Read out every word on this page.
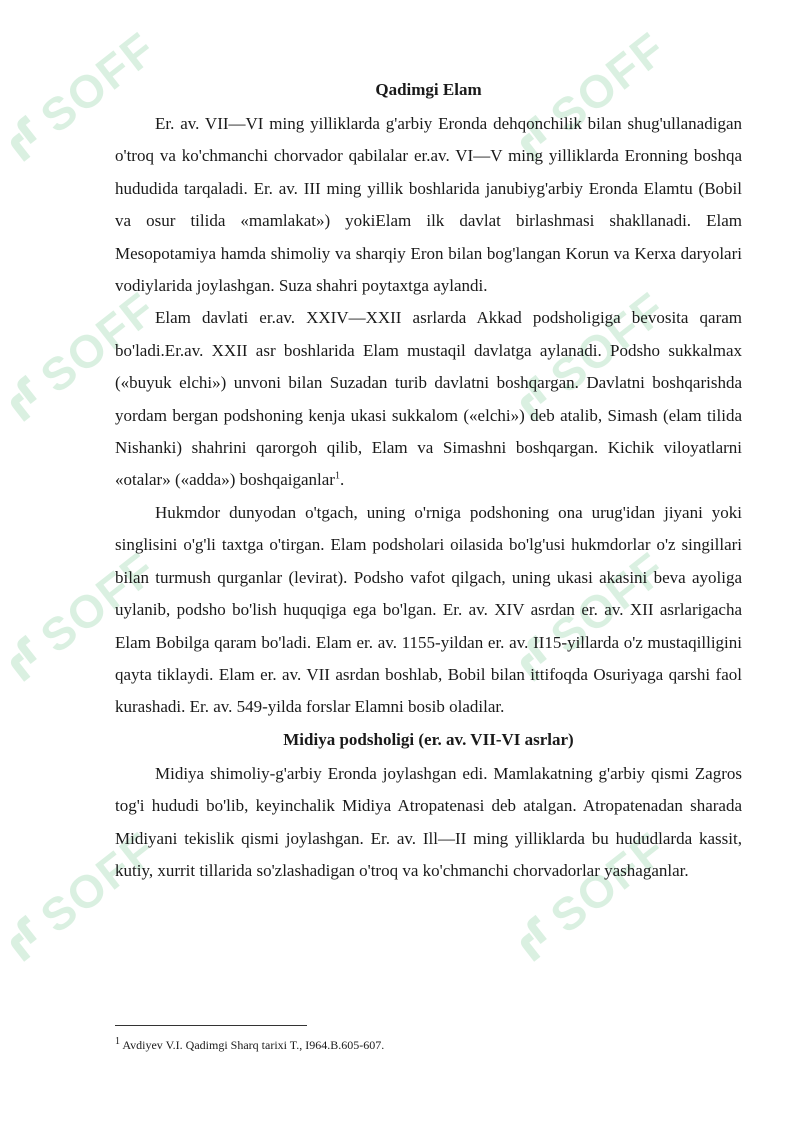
SOFF	SOFF
SOFF	SOFF
SOFF	SOFF
SOFF	SOFF
Qadimgi Elam

Er. av. VII—VI ming yilliklarda g'arbiy Eronda dehqonchilik bilan shug'ullanadigan o'troq va ko'chmanchi chorvador qabilalar er.av. VI—V ming yilliklarda Eronning boshqa hududida tarqaladi. Er. av. III ming yillik boshlarida janubiyg'arbiy Eronda Elamtu (Bobil va osur tilida «mamlakat») yokiElam ilk davlat birlashmasi shakllanadi. Elam Mesopotamiya hamda shimoliy va sharqiy Eron bilan bog'langan Korun va Kerxa daryolari vodiylarida joylashgan. Suza shahri poytaxtga aylandi.

Elam davlati er.av. XXIV—XXII asrlarda Akkad podsholigiga bevosita qaram bo'ladi.Er.av. XXII asr boshlarida Elam mustaqil davlatga aylanadi. Podsho sukkalmax («buyuk elchi») unvoni bilan Suzadan turib davlatni boshqargan. Davlatni boshqarishda yordam bergan podshoning kenja ukasi sukkalom («elchi») deb atalib, Simash (elam tilida Nishanki) shahrini qarorgoh qilib, Elam va Simashni boshqargan. Kichik viloyatlarni «otalar» («adda») boshqaiganlar$^1$.

Hukmdor dunyodan o'tgach, uning o'rniga podshoning ona urug'idan jiyani yoki singlisini o'g'li taxtga o'tirgan. Elam podsholari oilasida bo'lg'usi hukmdorlar o'z singillari bilan turmush qurganlar (levirat). Podsho vafot qilgach, uning ukasi akasini beva ayoliga uylanib, podsho bo'lish huquqiga ega bo'lgan. Er. av. XIV asrdan er. av. XII asrlarigacha Elam Bobilga qaram bo'ladi. Elam er. av. 1155-yildan er. av. II15-yillarda o'z mustaqilligini qayta tiklaydi. Elam er. av. VII asrdan boshlab, Bobil bilan ittifoqda Osuriyaga qarshi faol kurashadi. Er. av. 549-yilda forslar Elamni bosib oladilar.

Midiya podsholigi (er. av. VII-VI asrlar)

Midiya shimoliy-g'arbiy Eronda joylashgan edi. Mamlakatning g'arbiy qismi Zagros tog'i hududi bo'lib, keyinchalik Midiya Atropatenasi deb atalgan. Atropatenadan sharada Midiyani tekislik qismi joylashgan. Er. av. Ill—II ming yilliklarda bu hududlarda kassit, kutiy, xurrit tillarida so'zlashadigan o'troq va ko'chmanchi chorvadorlar yashaganlar.

$^1$ Avdiyev V.I. Qadimgi Sharq tarixi T., I964.B.605-607.
